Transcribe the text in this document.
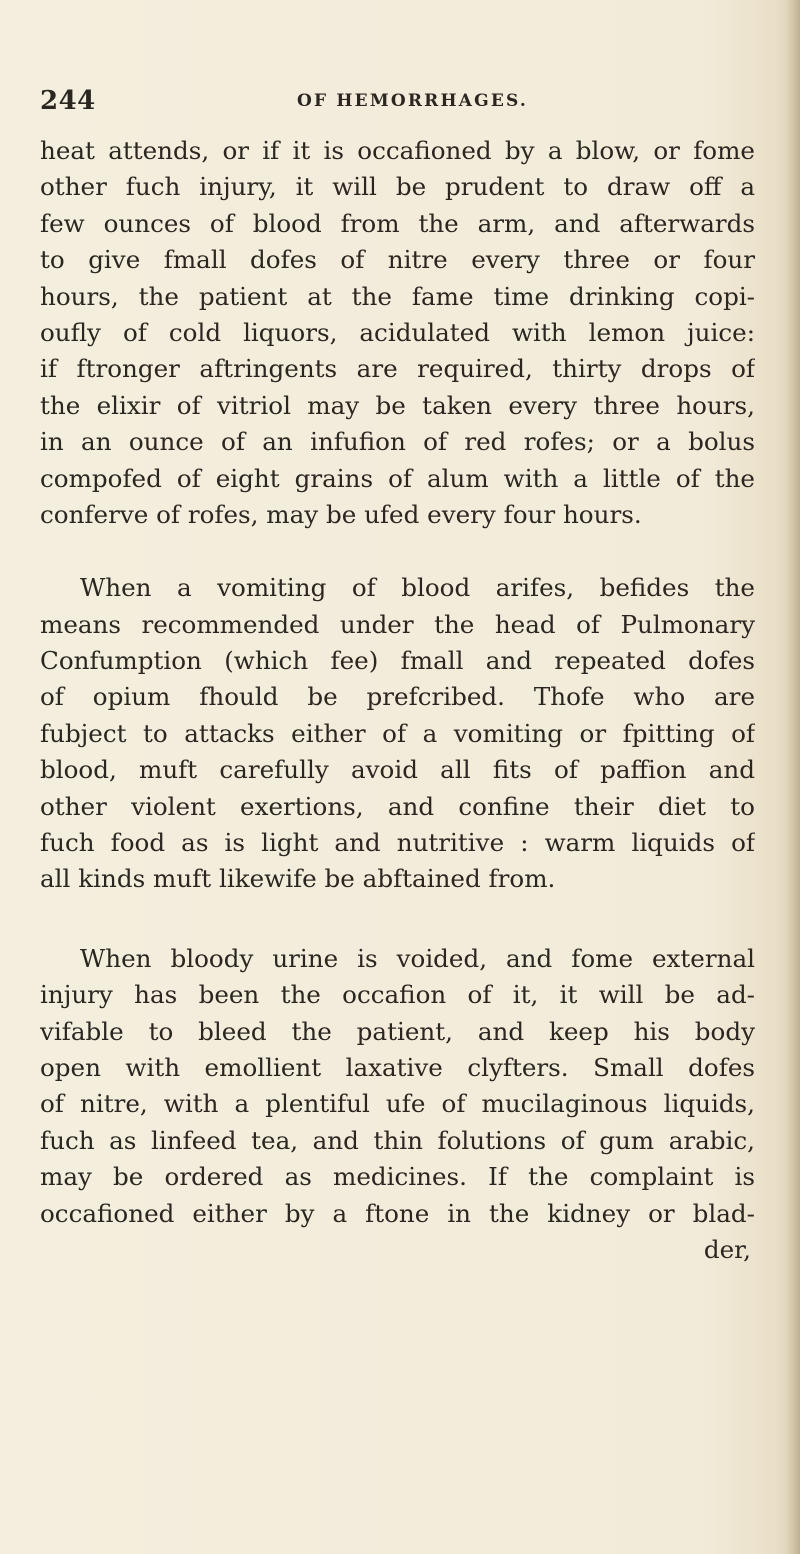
244	OF HEMORRHAGES.

heat attends, or if it is occafioned by a blow, or fome
other fuch injury, it will be prudent to draw off a
few ounces of blood from the arm, and afterwards
to give fmall dofes of nitre every three or four
hours, the patient at the fame time drinking copi-
oufly of cold liquors, acidulated with lemon juice:
if ftronger aftringents are required, thirty drops of
the elixir of vitriol may be taken every three hours,
in an ounce of an infufion of red rofes; or a bolus
compofed of eight grains of alum with a little of the
conferve of rofes, may be ufed every four hours.

When a vomiting of blood arifes, befides the
means recommended under the head of Pulmonary
Confumption (which fee) fmall and repeated dofes
of opium fhould be prefcribed. Thofe who are
fubject to attacks either of a vomiting or fpitting of
blood, muft carefully avoid all fits of paffion and
other violent exertions, and confine their diet to
fuch food as is light and nutritive : warm liquids of
all kinds muft likewife be abftained from.

When bloody urine is voided, and fome external
injury has been the occafion of it, it will be ad-
vifable to bleed the patient, and keep his body
open with emollient laxative clyfters. Small dofes
of nitre, with a plentiful ufe of mucilaginous liquids,
fuch as linfeed tea, and thin folutions of gum arabic,
may be ordered as medicines. If the complaint is
occafioned either by a ftone in the kidney or blad-

der,
